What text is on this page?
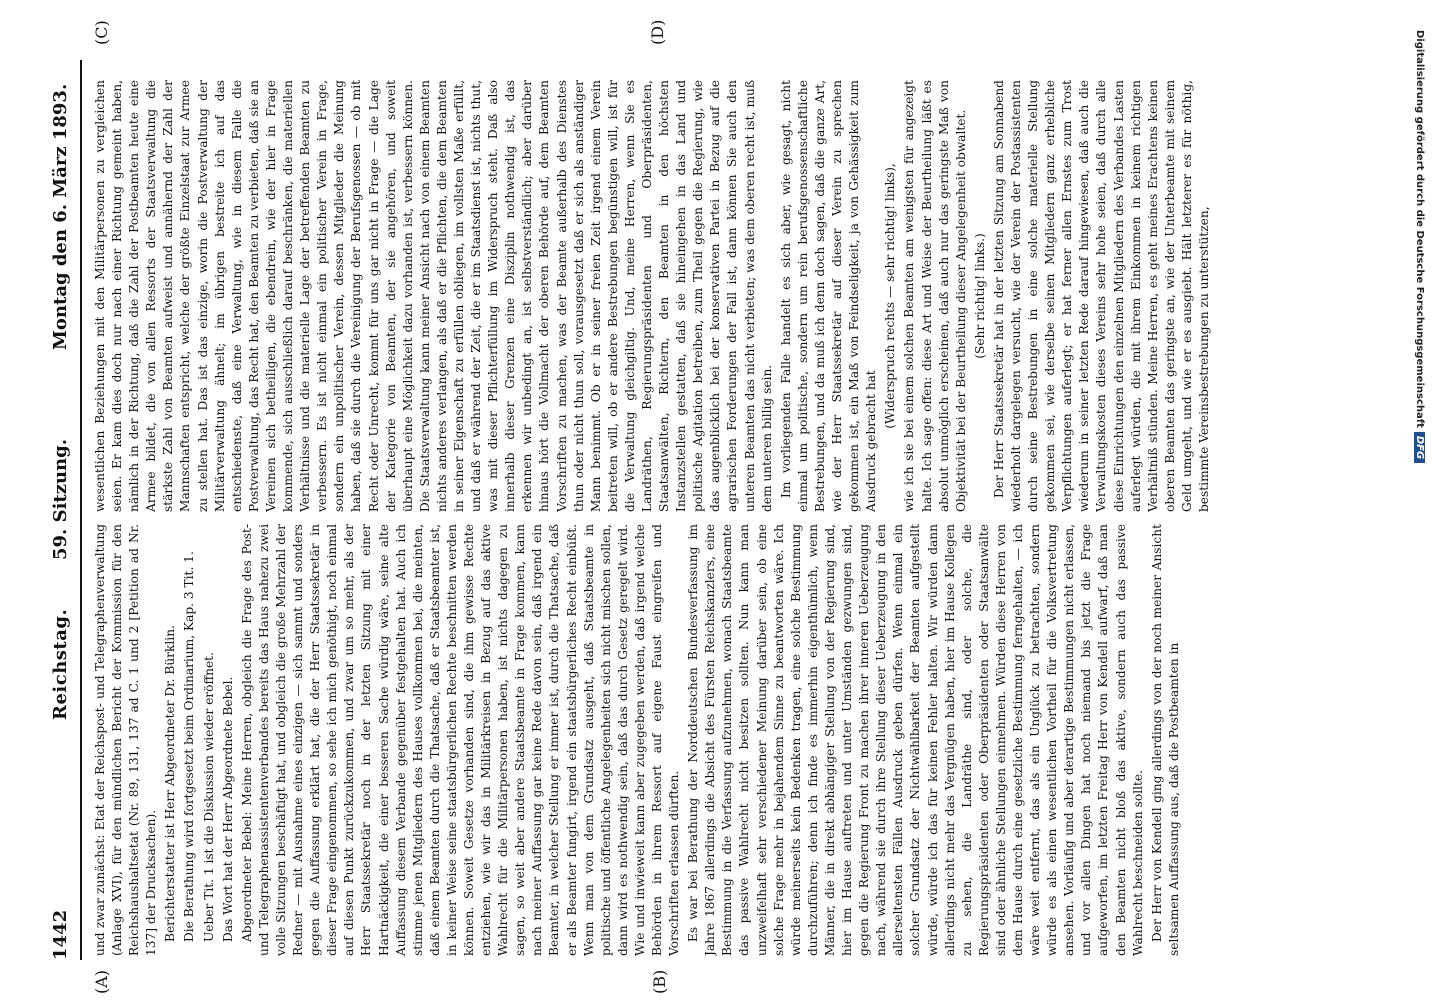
1442
Reichstag.
59. Sitzung.
Montag den 6. März 1893.
(A)	(B)
(C)	(D)

und zwar zunächst: Etat der Reichspost- und Telegraphenverwaltung (Anlage XVI), für den mündlichen Bericht der Kommission für den Reichshaushaltsetat (Nr. 89, 131, 137 ad C. 1 und 2 [Petition ad Nr. 137] der Drucksachen). Berichterstatter ist Herr Abgeordneter Dr. Bürklin. Die Berathung wird fortgesetzt beim Ordinarium, Kap. 3 Tit. 1. Ueber Tit. 1 ist die Diskussion wieder eröffnet. Das Wort hat der Herr Abgeordnete Bebel. Abgeordneter Bebel: Meine Herren, obgleich die Frage des Post- und Telegraphenassistentenverbandes bereits das Haus nahezu zwei volle Sitzungen beschäftigt hat, und obgleich die große Mehrzahl der Redner — mit Ausnahme eines einzigen — sich sammt und sonders gegen die Auffassung erklärt hat, die der Herr Staatssekretär in dieser Frage eingenommen, so sehe ich mich genöthigt, noch einmal auf diesen Punkt zurückzukommen, und zwar um so mehr, als der Herr Staatssekretär noch in der letzten Sitzung mit einer Hartnäckigkeit, die einer besseren Sache würdig wäre, seine alte Auffassung diesem Verbande gegenüber festgehalten hat. Auch ich stimme jenen Mitgliedern des Hauses vollkommen bei, die meinten, daß einem Beamten durch die Thatsache, daß er Staatsbeamter ist, in keiner Weise seine staatsbürgerlichen Rechte beschnitten werden können. Soweit Gesetze vorhanden sind, die ihm gewisse Rechte entziehen, wie wir das in Militärkreisen in Bezug auf das aktive Wahlrecht für die Militärpersonen haben, ist nichts dagegen zu sagen, so weit aber andere Staatsbeamte in Frage kommen, kann nach meiner Auffassung gar keine Rede davon sein, daß irgend ein Beamter, in welcher Stellung er immer ist, durch die Thatsache, daß er als Beamter fungirt, irgend ein staatsbürgerliches Recht einbüßt. Wenn man von dem Grundsatz ausgeht, daß Staatsbeamte in politische und öffentliche Angelegenheiten sich nicht mischen sollen, dann wird es nothwendig sein, daß das durch Gesetz geregelt wird. Wie und inwieweit kann aber zugegeben werden, daß irgend welche Behörden in ihrem Ressort auf eigene Faust eingreifen und Vorschriften erlassen dürften. Es war bei Berathung der Norddeutschen Bundesverfassung im Jahre 1867 allerdings die Absicht des Fürsten Reichskanzlers, eine Bestimmung in die Verfassung aufzunehmen, wonach Staatsbeamte das passive Wahlrecht nicht besitzen sollten. Nun kann man unzweifelhaft sehr verschiedener Meinung darüber sein, ob eine solche Frage mehr in bejahendem Sinne zu beantworten wäre. Ich würde meinerseits kein Bedenken tragen, eine solche Bestimmung durchzuführen; denn ich finde es immerhin eigenthümlich, wenn Männer, die in direkt abhängiger Stellung von der Regierung sind, hier im Hause auftreten und unter Umständen gezwungen sind, gegen die Regierung Front zu machen ihrer inneren Ueberzeugung nach, während sie durch ihre Stellung dieser Ueberzeugung in den allerseltensten Fällen Ausdruck geben dürfen. Wenn einmal ein solcher Grundsatz der Nichtwählbarkeit der Beamten aufgestellt würde, würde ich das für keinen Fehler halten. Wir würden dann allerdings nicht mehr das Vergnügen haben, hier im Hause Kollegen zu sehen, die Landräthe sind, oder solche, die Regierungspräsidenten oder Oberpräsidenten oder Staatsanwälte sind oder ähnliche Stellungen einnehmen. Würden diese Herren von dem Hause durch eine gesetzliche Bestimmung ferngehalten, — ich wäre weit entfernt, das als ein Unglück zu betrachten, sondern würde es als einen wesentlichen Vortheil für die Volksvertretung ansehen. Vorläufig und aber derartige Bestimmungen nicht erlassen, und vor allen Dingen hat noch niemand bis jetzt die Frage aufgeworfen, im letzten Freitag Herr von Kendell aufwarf, daß man den Beamten nicht bloß das aktive, sondern auch das passive Wahlrecht beschneiden sollte. Der Herr von Kendell ging allerdings von der noch meiner Ansicht seltsamen Auffassung aus, daß die Postbeamten in

wesentlichen Beziehungen mit den Militärpersonen zu vergleichen seien. Er kam dies doch nur nach einer Richtung gemeint haben, nämlich in der Richtung, daß die Zahl der Postbeamten heute eine Armee bildet, die von allen Ressorts der Staatsverwaltung die stärkste Zahl von Beamten aufweist und annähernd der Zahl der Mannschaften entspricht, welche der größte Einzelstaat zur Armee zu stellen hat. Das ist das einzige, worin die Postverwaltung der Militärverwaltung ähnelt; im übrigen bestreite ich auf das entschiedenste, daß eine Verwaltung, wie in diesem Falle die Postverwaltung, das Recht hat, den Beamten zu verbieten, daß sie an Vereinen sich betheiligen, die ebendrein, wie der hier in Frage kommende, sich ausschließlich darauf beschränken, die materiellen Verhältnisse und die materielle Lage der betreffenden Beamten zu verbessern. Es ist nicht einmal ein politischer Verein in Frage, sondern ein unpolitischer Verein, dessen Mitglieder die Meinung haben, daß sie durch die Vereinigung der Berufsgenossen — ob mit Recht oder Unrecht, kommt für uns gar nicht in Frage — die Lage der Kategorie von Beamten, der sie angehören, und soweit überhaupt eine Möglichkeit dazu vorhanden ist, verbessern können. Die Staatsverwaltung kann meiner Ansicht nach von einem Beamten nichts anderes verlangen, als daß er die Pflichten, die dem Beamten in seiner Eigenschaft zu erfüllen obliegen, im vollsten Maße erfüllt, und daß er während der Zeit, die er im Staatsdienst ist, nichts thut, was mit dieser Pflichterfüllung im Widerspruch steht. Daß also innerhalb dieser Grenzen eine Disziplin nothwendig ist, das erkennen wir unbedingt an, ist selbstverständlich; aber darüber hinaus hört die Vollmacht der oberen Behörde auf, dem Beamten Vorschriften zu machen, was der Beamte außerhalb des Dienstes thun oder nicht thun soll, vorausgesetzt daß er sich als anständiger Mann benimmt. Ob er in seiner freien Zeit irgend einem Verein beitreten will, ob er andere Bestrebungen begünstigen will, ist für die Verwaltung gleichgiltig. Und, meine Herren, wenn Sie es Landräthen, Regierungspräsidenten und Oberpräsidenten, Staatsanwälten, Richtern, den Beamten in den höchsten Instanzstellen gestatten, daß sie hineingehen in das Land und politische Agitation betreiben, zum Theil gegen die Regierung, wie das augenblicklich bei der konservativen Partei in Bezug auf die agrarischen Forderungen der Fall ist, dann können Sie auch den unteren Beamten das nicht verbieten; was dem oberen recht ist, muß dem unteren billig sein. Im vorliegenden Falle handelt es sich aber, wie gesagt, nicht einmal um politische, sondern um rein berufsgenossenschaftliche Bestrebungen, und da muß ich denn doch sagen, daß die ganze Art, wie der Herr Staatssekretär auf dieser Verein zu sprechen gekommen ist, ein Maß von Feindseligkeit, ja von Gehässigkeit zum Ausdruck gebracht hat

(Widerspruch rechts — sehr richtig! links), wie ich sie bei einem solchen Beamten am wenigsten für angezeigt halte. Ich sage offen: diese Art und Weise der Beurtheilung läßt es absolut unmöglich erscheinen, daß auch nur das geringste Maß von Objektivität bei der Beurtheilung dieser Angelegenheit obwaltet. (Sehr richtig! links.) Der Herr Staatssekretär hat in der letzten Sitzung am Sonnabend wiederholt dargelegen versucht, wie der Verein der Postassistenten durch seine Bestrebungen in eine solche materielle Stellung gekommen sei, wie derselbe seinen Mitgliedern ganz erhebliche Verpflichtungen auferlegt; er hat ferner allen Ernstes zum Trost wiederum in seiner letzten Rede darauf hingewiesen, daß auch die Verwaltungskosten dieses Vereins sehr hohe seien, daß durch alle diese Einrichtungen den einzelnen Mitgliedern des Verbandes Lasten auferlegt würden, die mit ihrem Einkommen in keinem richtigen Verhältniß stünden. Meine Herren, es geht meines Erachtens keinen oberen Beamten das geringste an, wie der Unterbeamte mit seinem Geld umgeht, und wie er es ausgiebt. Hält letzterer es für nöthig, bestimmte Vereinsbestrebungen zu unterstützen,	Digitalisierung gefördert durch die Deutsche ForschungsgemeinschaftDFG
